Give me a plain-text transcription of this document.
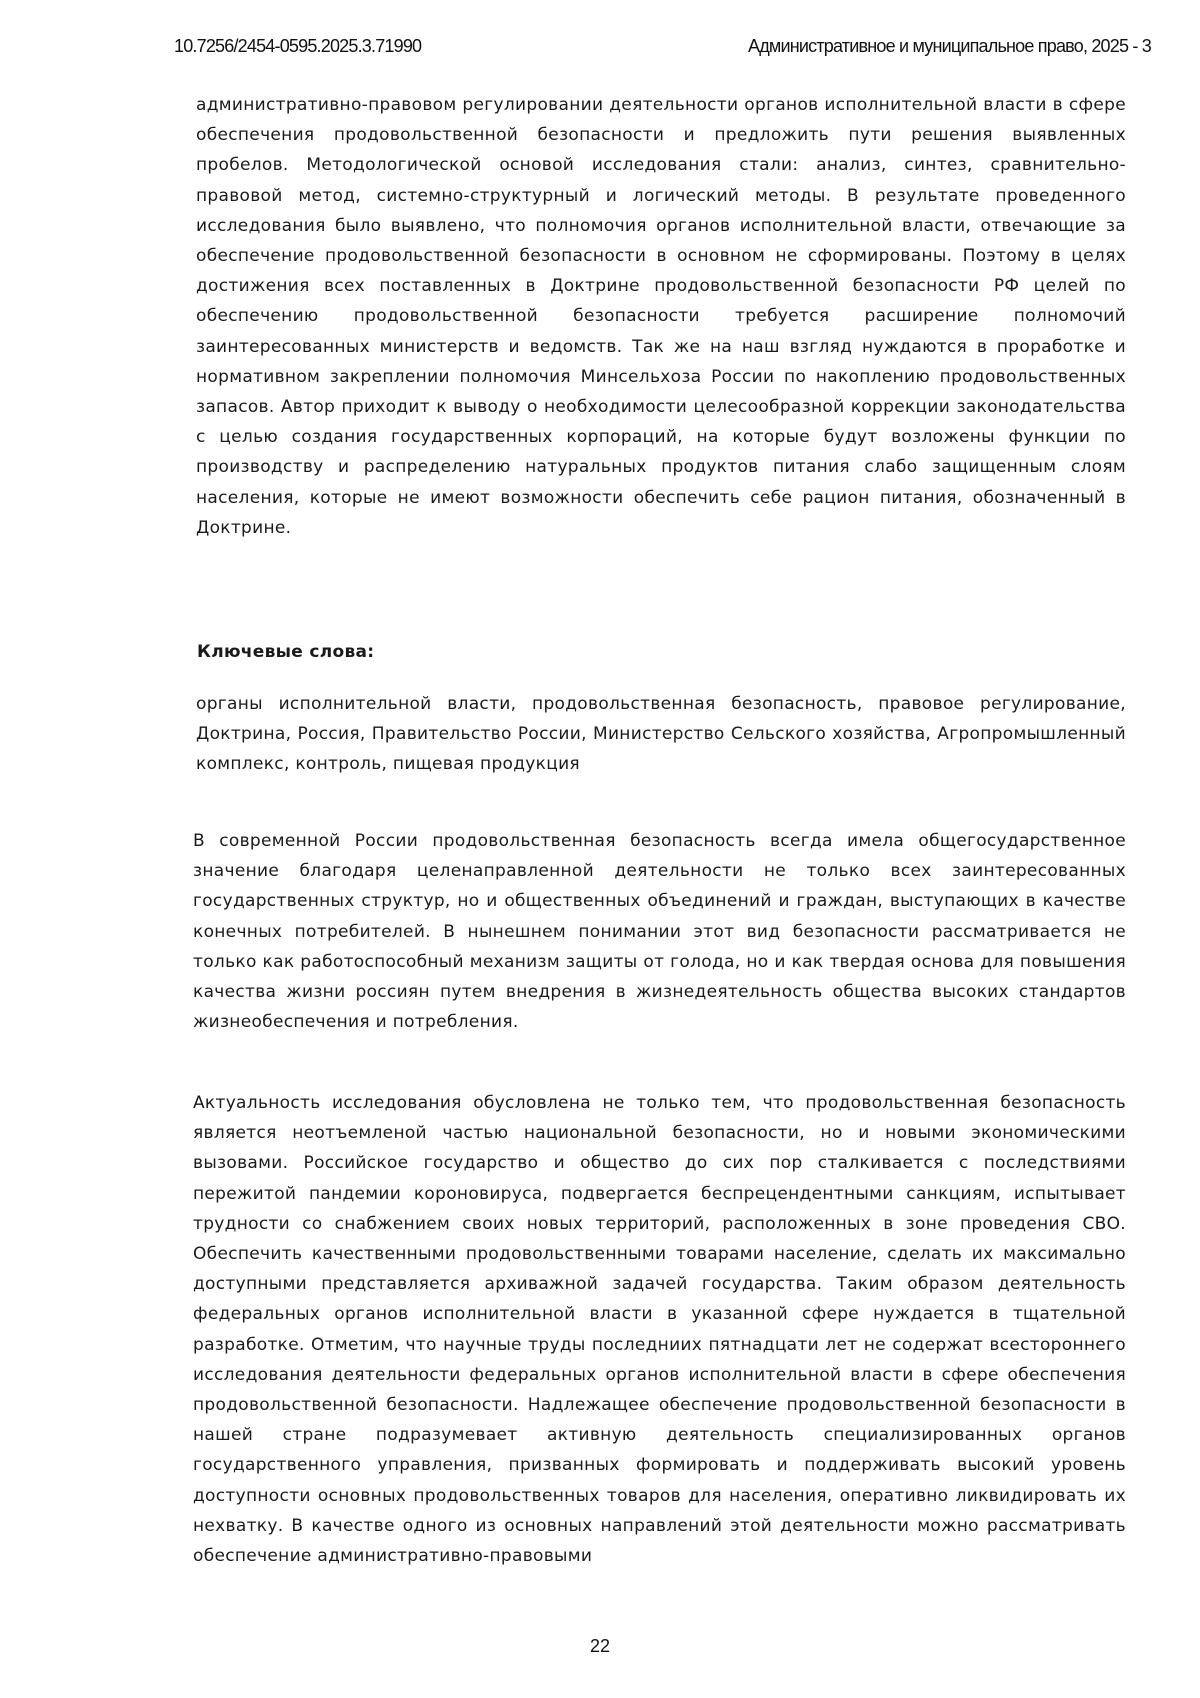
10.7256/2454-0595.2025.3.71990	Административное и муниципальное право, 2025 - 3

административно-правовом регулировании деятельности органов исполнительной власти в сфере обеспечения продовольственной безопасности и предложить пути решения выявленных пробелов. Методологической основой исследования стали: анализ, синтез, сравнительно-правовой метод, системно-структурный и логический методы. В результате проведенного исследования было выявлено, что полномочия органов исполнительной власти, отвечающие за обеспечение продовольственной безопасности в основном не сформированы. Поэтому в целях достижения всех поставленных в Доктрине продовольственной безопасности РФ целей по обеспечению продовольственной безопасности требуется расширение полномочий заинтересованных министерств и ведомств. Так же на наш взгляд нуждаются в проработке и нормативном закреплении полномочия Минсельхоза России по накоплению продовольственных запасов. Автор приходит к выводу о необходимости целесообразной коррекции законодательства с целью создания государственных корпораций, на которые будут возложены функции по производству и распределению натуральных продуктов питания слабо защищенным слоям населения, которые не имеют возможности обеспечить себе рацион питания, обозначенный в Доктрине.

Ключевые слова:

органы исполнительной власти, продовольственная безопасность, правовое регулирование, Доктрина, Россия, Правительство России, Министерство Сельского хозяйства, Агропромышленный комплекс, контроль, пищевая продукция

В современной России продовольственная безопасность всегда имела общегосударственное значение благодаря целенаправленной деятельности не только всех заинтересованных государственных структур, но и общественных объединений и граждан, выступающих в качестве конечных потребителей. В нынешнем понимании этот вид безопасности рассматривается не только как работоспособный механизм защиты от голода, но и как твердая основа для повышения качества жизни россиян путем внедрения в жизнедеятельность общества высоких стандартов жизнеобеспечения и потребления.

Актуальность исследования обусловлена не только тем, что продовольственная безопасность является неотъемленой частью национальной безопасности, но и новыми экономическими вызовами. Российское государство и общество до сих пор сталкивается с последствиями пережитой пандемии короновируса, подвергается беспрецендентными санкциям, испытывает трудности со снабжением своих новых территорий, расположенных в зоне проведения СВО. Обеспечить качественными продовольственными товарами население, сделать их максимально доступными представляется архиважной задачей государства. Таким образом деятельность федеральных органов исполнительной власти в указанной сфере нуждается в тщательной разработке. Отметим, что научные труды последниих пятнадцати лет не содержат всестороннего исследования деятельности федеральных органов исполнительной власти в сфере обеспечения продовольственной безопасности. Надлежащее обеспечение продовольственной безопасности в нашей стране подразумевает активную деятельность специализированных органов государственного управления, призванных формировать и поддерживать высокий уровень доступности основных продовольственных товаров для населения, оперативно ликвидировать их нехватку. В качестве одного из основных направлений этой деятельности можно рассматривать обеспечение административно-правовыми

22
